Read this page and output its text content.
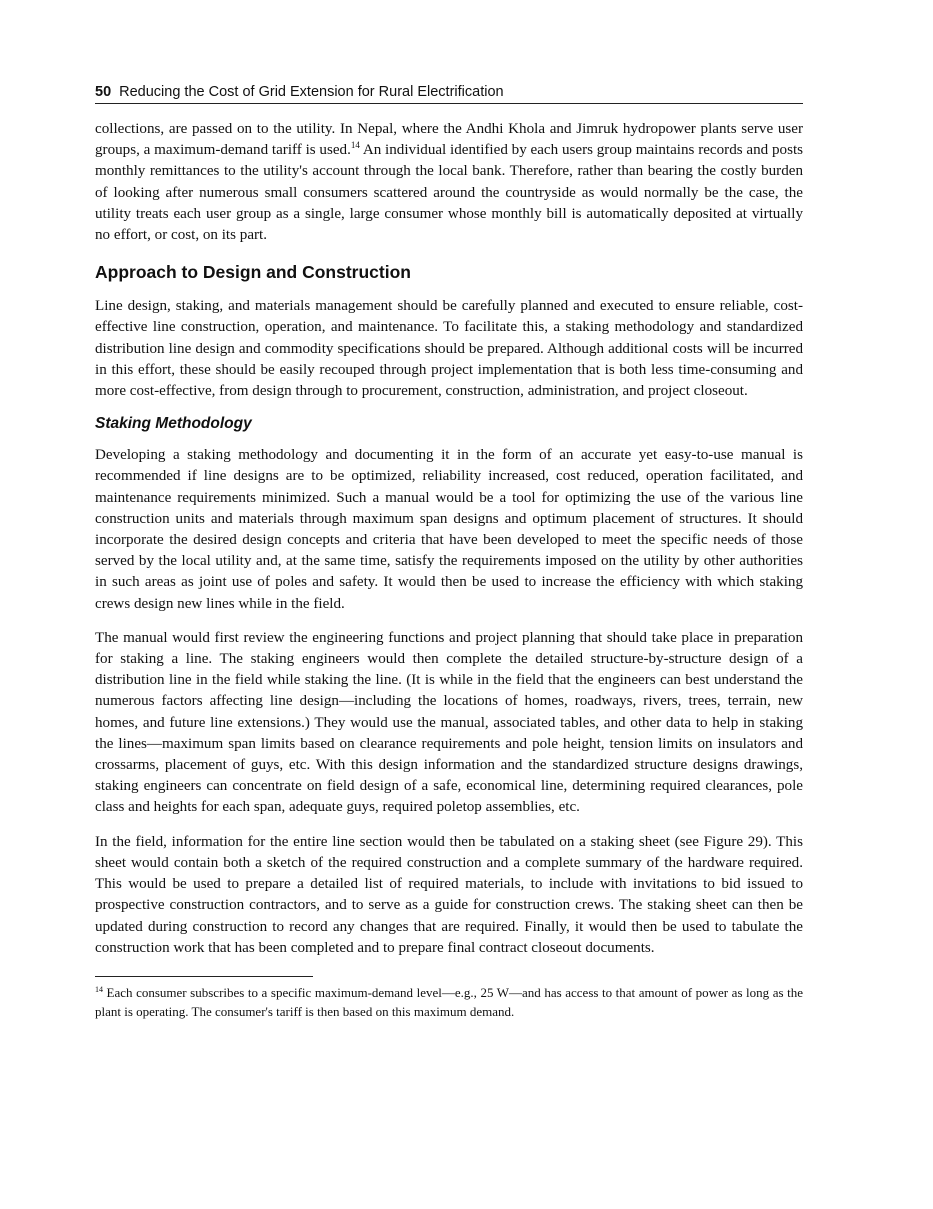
50 Reducing the Cost of Grid Extension for Rural Electrification

collections, are passed on to the utility. In Nepal, where the Andhi Khola and Jimruk hydropower plants serve user groups, a maximum-demand tariff is used.$^{14}$ An individual identified by each users group maintains records and posts monthly remittances to the utility's account through the local bank. Therefore, rather than bearing the costly burden of looking after numerous small consumers scattered around the countryside as would normally be the case, the utility treats each user group as a single, large consumer whose monthly bill is automatically deposited at virtually no effort, or cost, on its part.

Approach to Design and Construction

Line design, staking, and materials management should be carefully planned and executed to ensure reliable, cost-effective line construction, operation, and maintenance. To facilitate this, a staking methodology and standardized distribution line design and commodity specifications should be prepared. Although additional costs will be incurred in this effort, these should be easily recouped through project implementation that is both less time-consuming and more cost-effective, from design through to procurement, construction, administration, and project closeout.

Staking Methodology

Developing a staking methodology and documenting it in the form of an accurate yet easy-to-use manual is recommended if line designs are to be optimized, reliability increased, cost reduced, operation facilitated, and maintenance requirements minimized. Such a manual would be a tool for optimizing the use of the various line construction units and materials through maximum span designs and optimum placement of structures. It should incorporate the desired design concepts and criteria that have been developed to meet the specific needs of those served by the local utility and, at the same time, satisfy the requirements imposed on the utility by other authorities in such areas as joint use of poles and safety. It would then be used to increase the efficiency with which staking crews design new lines while in the field.

The manual would first review the engineering functions and project planning that should take place in preparation for staking a line. The staking engineers would then complete the detailed structure-by-structure design of a distribution line in the field while staking the line. (It is while in the field that the engineers can best understand the numerous factors affecting line design—including the locations of homes, roadways, rivers, trees, terrain, new homes, and future line extensions.) They would use the manual, associated tables, and other data to help in staking the lines—maximum span limits based on clearance requirements and pole height, tension limits on insulators and crossarms, placement of guys, etc. With this design information and the standardized structure designs drawings, staking engineers can concentrate on field design of a safe, economical line, determining required clearances, pole class and heights for each span, adequate guys, required poletop assemblies, etc.

In the field, information for the entire line section would then be tabulated on a staking sheet (see Figure 29). This sheet would contain both a sketch of the required construction and a complete summary of the hardware required. This would be used to prepare a detailed list of required materials, to include with invitations to bid issued to prospective construction contractors, and to serve as a guide for construction crews. The staking sheet can then be updated during construction to record any changes that are required. Finally, it would then be used to tabulate the construction work that has been completed and to prepare final contract closeout documents.

$^{14}$ Each consumer subscribes to a specific maximum-demand level—e.g., 25 W—and has access to that amount of power as long as the plant is operating. The consumer's tariff is then based on this maximum demand.
